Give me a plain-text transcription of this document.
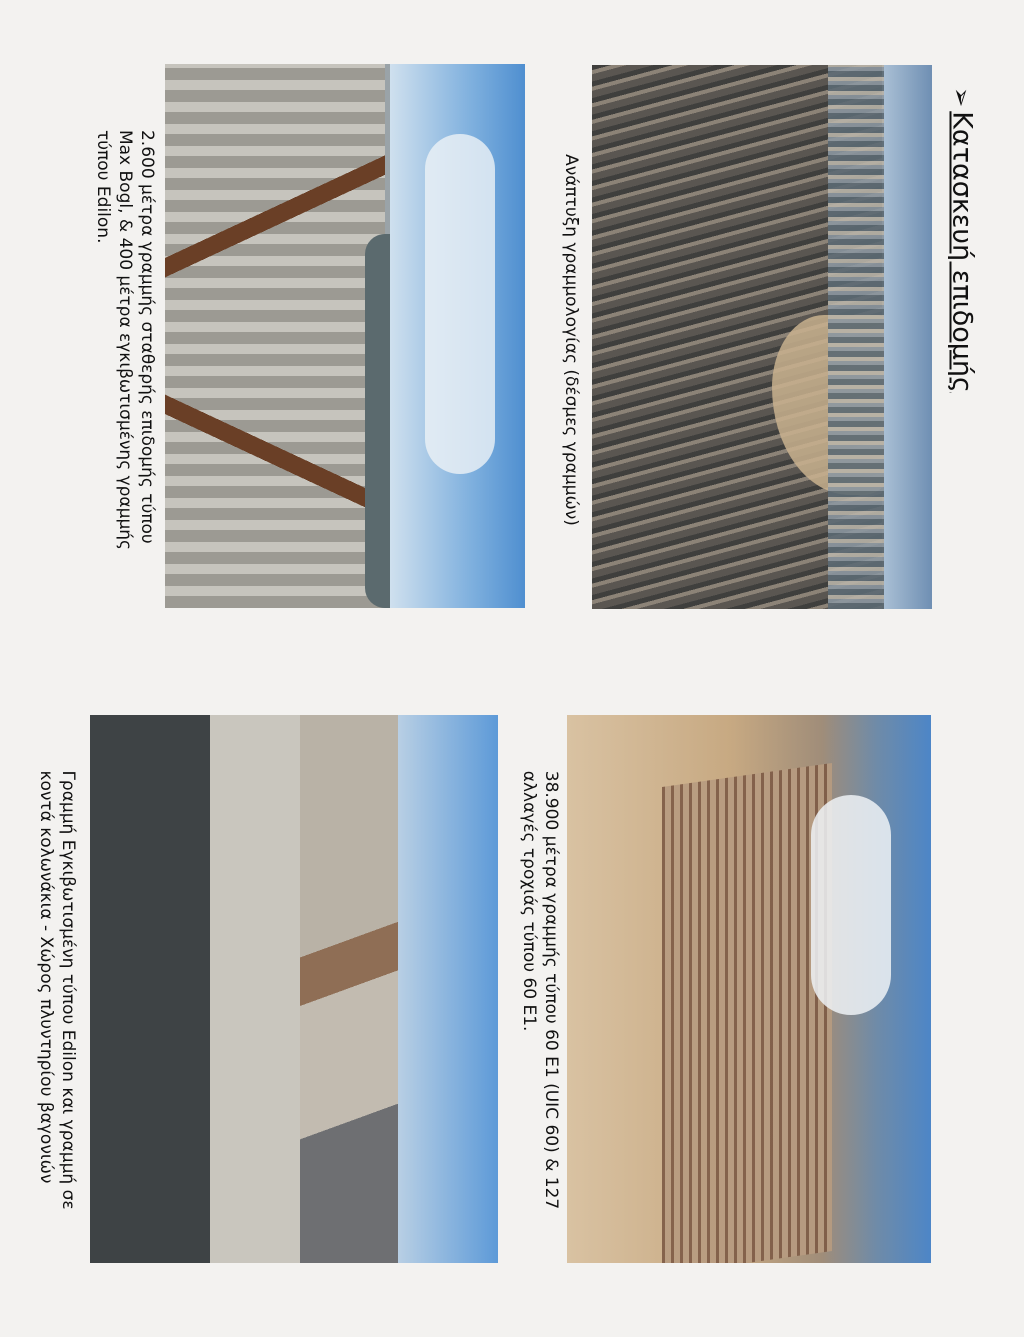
➢Κατασκευή επιδομής
Ανάπτυξη γραμμολογίας (δέσμες γραμμών)
2.600 μέτρα γραμμής σταθερής επιδομής τύπου
Max Bogl, & 400 μέτρα εγκιβωτισμένης γραμμής
τύπου Edilon.
38.900 μέτρα γραμμής τύπου 60 Ε1 (UIC 60) & 127
αλλαγές τροχιάς τύπου 60 Ε1.
Γραμμή Εγκιβωτισμένη τύπου Edilon και γραμμή σε
κοντά κολωνάκια - Χώρος πλυντηρίου βαγονιών
